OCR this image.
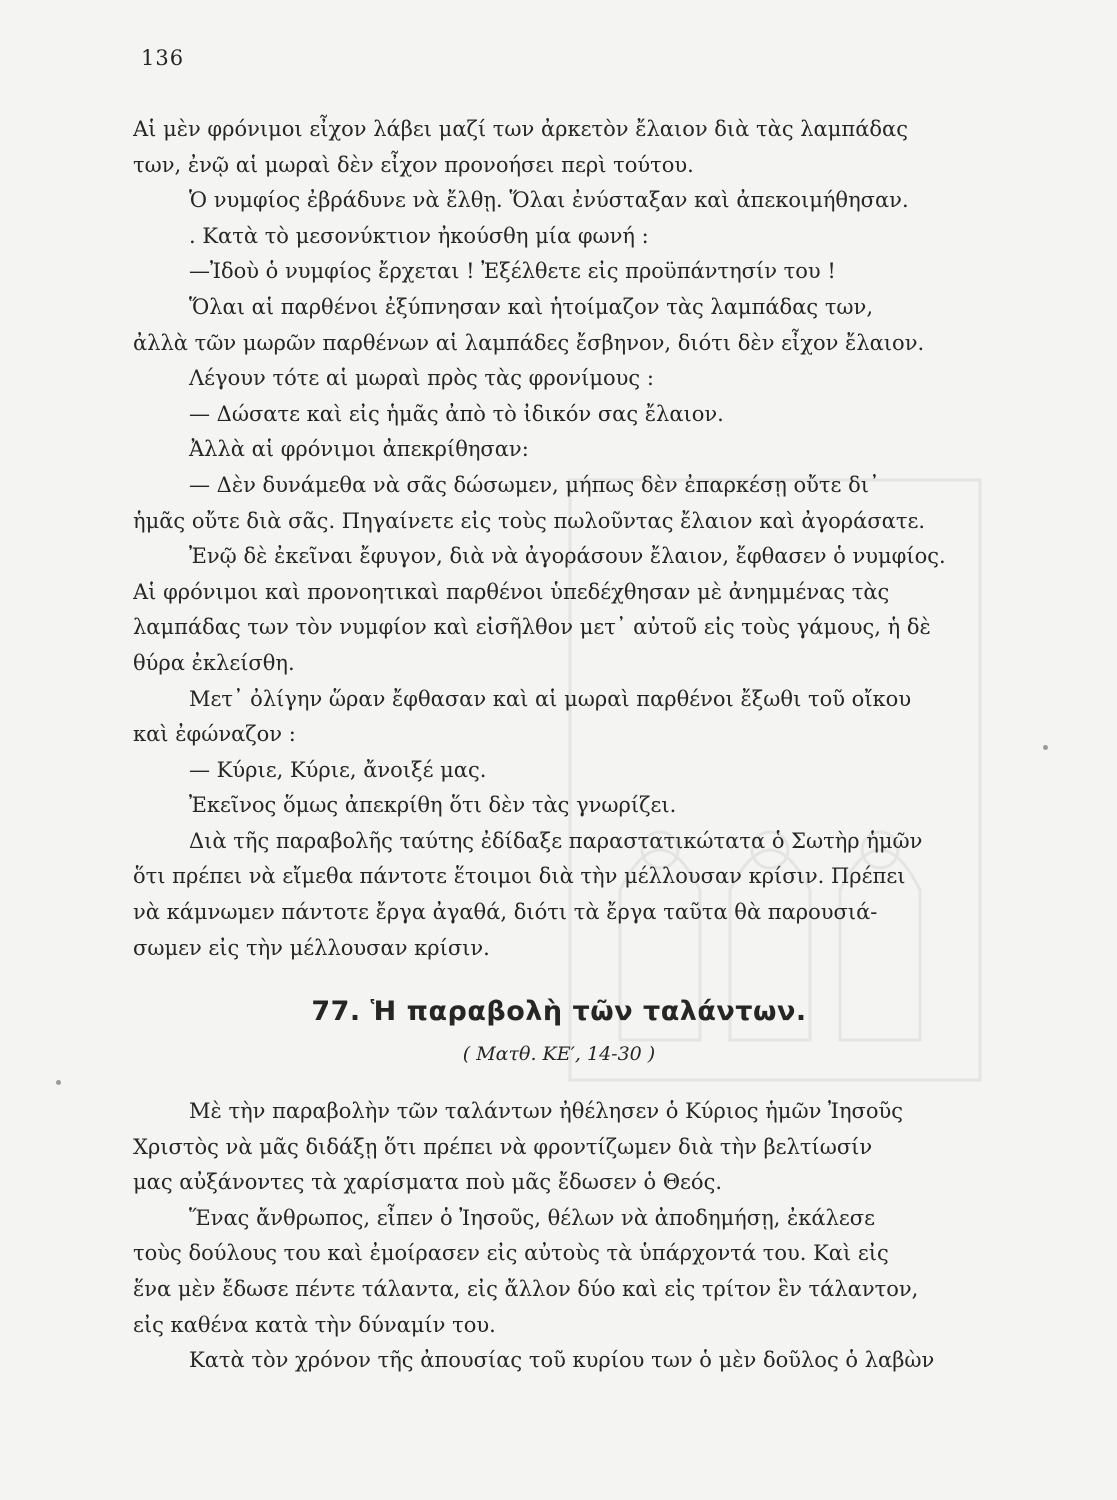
136
Αἱ μὲν φρόνιμοι εἶχον λάβει μαζί των ἀρκετὸν ἔλαιον διὰ τὰς λαμπάδας
των, ἐνῷ αἱ μωραὶ δὲν εἶχον προνοήσει περὶ τούτου.
Ὁ νυμφίος ἐβράδυνε νὰ ἔλθῃ. Ὅλαι ἐνύσταξαν καὶ ἀπεκοιμήθησαν.
. Κατὰ τὸ μεσονύκτιον ἠκούσθη μία φωνή :
—Ἰδοὺ ὁ νυμφίος ἔρχεται ! Ἐξέλθετε εἰς προϋπάντησίν του !
Ὅλαι αἱ παρθένοι ἐξύπνησαν καὶ ἡτοίμαζον τὰς λαμπάδας των,
ἀλλὰ τῶν μωρῶν παρθένων αἱ λαμπάδες ἔσβηνον, διότι δὲν εἶχον ἔλαιον.
Λέγουν τότε αἱ μωραὶ πρὸς τὰς φρονίμους :
— Δώσατε καὶ εἰς ἡμᾶς ἀπὸ τὸ ἰδικόν σας ἔλαιον.
Ἀλλὰ αἱ φρόνιμοι ἀπεκρίθησαν:
— Δὲν δυνάμεθα νὰ σᾶς δώσωμεν, μήπως δὲν ἐπαρκέσῃ οὔτε δι᾽
ἡμᾶς οὔτε διὰ σᾶς. Πηγαίνετε εἰς τοὺς πωλοῦντας ἔλαιον καὶ ἀγοράσατε.
Ἐνῷ δὲ ἐκεῖναι ἔφυγον, διὰ νὰ ἀγοράσουν ἔλαιον, ἔφθασεν ὁ νυμφίος.
Αἱ φρόνιμοι καὶ προνοητικαὶ παρθένοι ὑπεδέχθησαν μὲ ἀνημμένας τὰς
λαμπάδας των τὸν νυμφίον καὶ εἰσῆλθον μετ᾽ αὐτοῦ εἰς τοὺς γάμους, ἡ δὲ
θύρα ἐκλείσθη.
Μετ᾽ ὀλίγην ὥραν ἔφθασαν καὶ αἱ μωραὶ παρθένοι ἔξωθι τοῦ οἴκου
καὶ ἐφώναζον :
— Κύριε, Κύριε, ἄνοιξέ μας.
Ἐκεῖνος ὅμως ἀπεκρίθη ὅτι δὲν τὰς γνωρίζει.
Διὰ τῆς παραβολῆς ταύτης ἐδίδαξε παραστατικώτατα ὁ Σωτὴρ ἡμῶν
ὅτι πρέπει νὰ εἴμεθα πάντοτε ἕτοιμοι διὰ τὴν μέλλουσαν κρίσιν. Πρέπει
νὰ κάμνωμεν πάντοτε ἔργα ἀγαθά, διότι τὰ ἔργα ταῦτα θὰ παρουσιά-
σωμεν εἰς τὴν μέλλουσαν κρίσιν.
77. Ἡ παραβολὴ τῶν ταλάντων.
( Ματθ. ΚΕ′, 14-30 )
Μὲ τὴν παραβολὴν τῶν ταλάντων ἠθέλησεν ὁ Κύριος ἡμῶν Ἰησοῦς
Χριστὸς νὰ μᾶς διδάξῃ ὅτι πρέπει νὰ φροντίζωμεν διὰ τὴν βελτίωσίν
μας αὐξάνοντες τὰ χαρίσματα ποὺ μᾶς ἔδωσεν ὁ Θεός.
Ἕνας ἄνθρωπος, εἶπεν ὁ Ἰησοῦς, θέλων νὰ ἀποδημήσῃ, ἐκάλεσε
τοὺς δούλους του καὶ ἐμοίρασεν εἰς αὐτοὺς τὰ ὑπάρχοντά του. Καὶ εἰς
ἕνα μὲν ἔδωσε πέντε τάλαντα, εἰς ἄλλον δύο καὶ εἰς τρίτον ἓν τάλαντον,
εἰς καθένα κατὰ τὴν δύναμίν του.
Κατὰ τὸν χρόνον τῆς ἀπουσίας τοῦ κυρίου των ὁ μὲν δοῦλος ὁ λαβὼν
